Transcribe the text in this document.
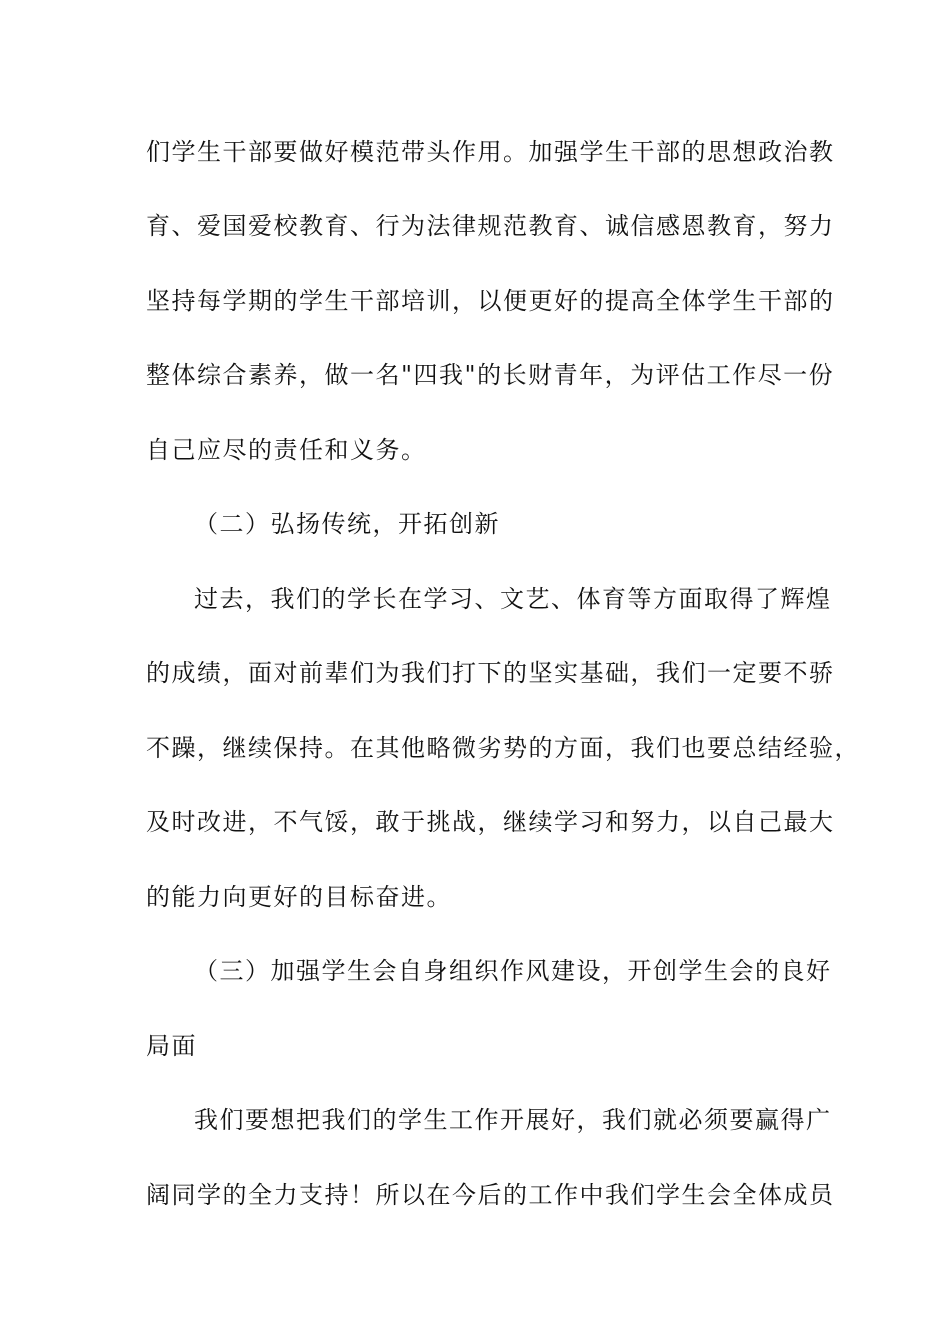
们学生干部要做好模范带头作用。加强学生干部的思想政治教
育、爱国爱校教育、行为法律规范教育、诚信感恩教育，努力
坚持每学期的学生干部培训，以便更好的提高全体学生干部的
整体综合素养，做一名"四我"的长财青年，为评估工作尽一份
自己应尽的责任和义务。
（二）弘扬传统，开拓创新
过去，我们的学长在学习、文艺、体育等方面取得了辉煌
的成绩，面对前辈们为我们打下的坚实基础，我们一定要不骄
不躁，继续保持。在其他略微劣势的方面，我们也要总结经验，
及时改进，不气馁，敢于挑战，继续学习和努力，以自己最大
的能力向更好的目标奋进。
（三）加强学生会自身组织作风建设，开创学生会的良好
局面
我们要想把我们的学生工作开展好，我们就必须要赢得广
阔同学的全力支持！所以在今后的工作中我们学生会全体成员
